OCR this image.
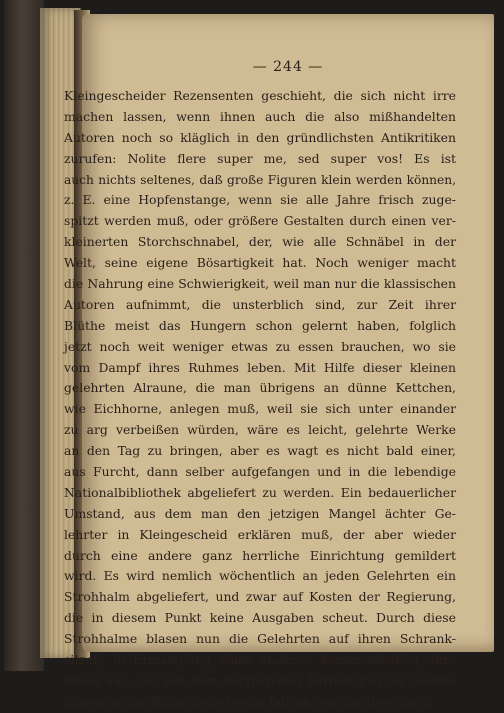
— 244 —
Kleingescheider Rezensenten geschieht, die sich nicht irre
machen lassen, wenn ihnen auch die also mißhandelten
Autoren noch so kläglich in den gründlichsten Antikritiken
zurufen: Nolite flere super me, sed super vos! Es ist
auch nichts seltenes, daß große Figuren klein werden können,
z. E. eine Hopfenstange, wenn sie alle Jahre frisch zuge-
spitzt werden muß, oder größere Gestalten durch einen ver-
kleinerten Storchschnabel, der, wie alle Schnäbel in der
Welt, seine eigene Bösartigkeit hat. Noch weniger macht
die Nahrung eine Schwierigkeit, weil man nur die klassischen
Autoren aufnimmt, die unsterblich sind, zur Zeit ihrer
Blüthe meist das Hungern schon gelernt haben, folglich
jetzt noch weit weniger etwas zu essen brauchen, wo sie
vom Dampf ihres Ruhmes leben. Mit Hilfe dieser kleinen
gelehrten Alraune, die man übrigens an dünne Kettchen,
wie Eichhorne, anlegen muß, weil sie sich unter einander
zu arg verbeißen würden, wäre es leicht, gelehrte Werke
an den Tag zu bringen, aber es wagt es nicht bald einer,
aus Furcht, dann selber aufgefangen und in die lebendige
Nationalbibliothek abgeliefert zu werden. Ein bedauerlicher
Umstand, aus dem man den jetzigen Mangel ächter Ge-
lehrter in Kleingescheid erklären muß, der aber wieder
durch eine andere ganz herrliche Einrichtung gemildert
wird. Es wird nemlich wöchentlich an jeden Gelehrten ein
Strohhalm abgeliefert, und zwar auf Kosten der Regierung,
die in diesem Punkt keine Ausgaben scheut. Durch diese
Strohhalme blasen nun die Gelehrten auf ihren Schrank-
sitzen, in Ermanglung einer anderen Kommunikation, ihre
Ideen aus, die mit dem herrlichsten Farbenspiel als Seifen-
blasen an die Bibliotheks-Decke fahren, von da aber durch
